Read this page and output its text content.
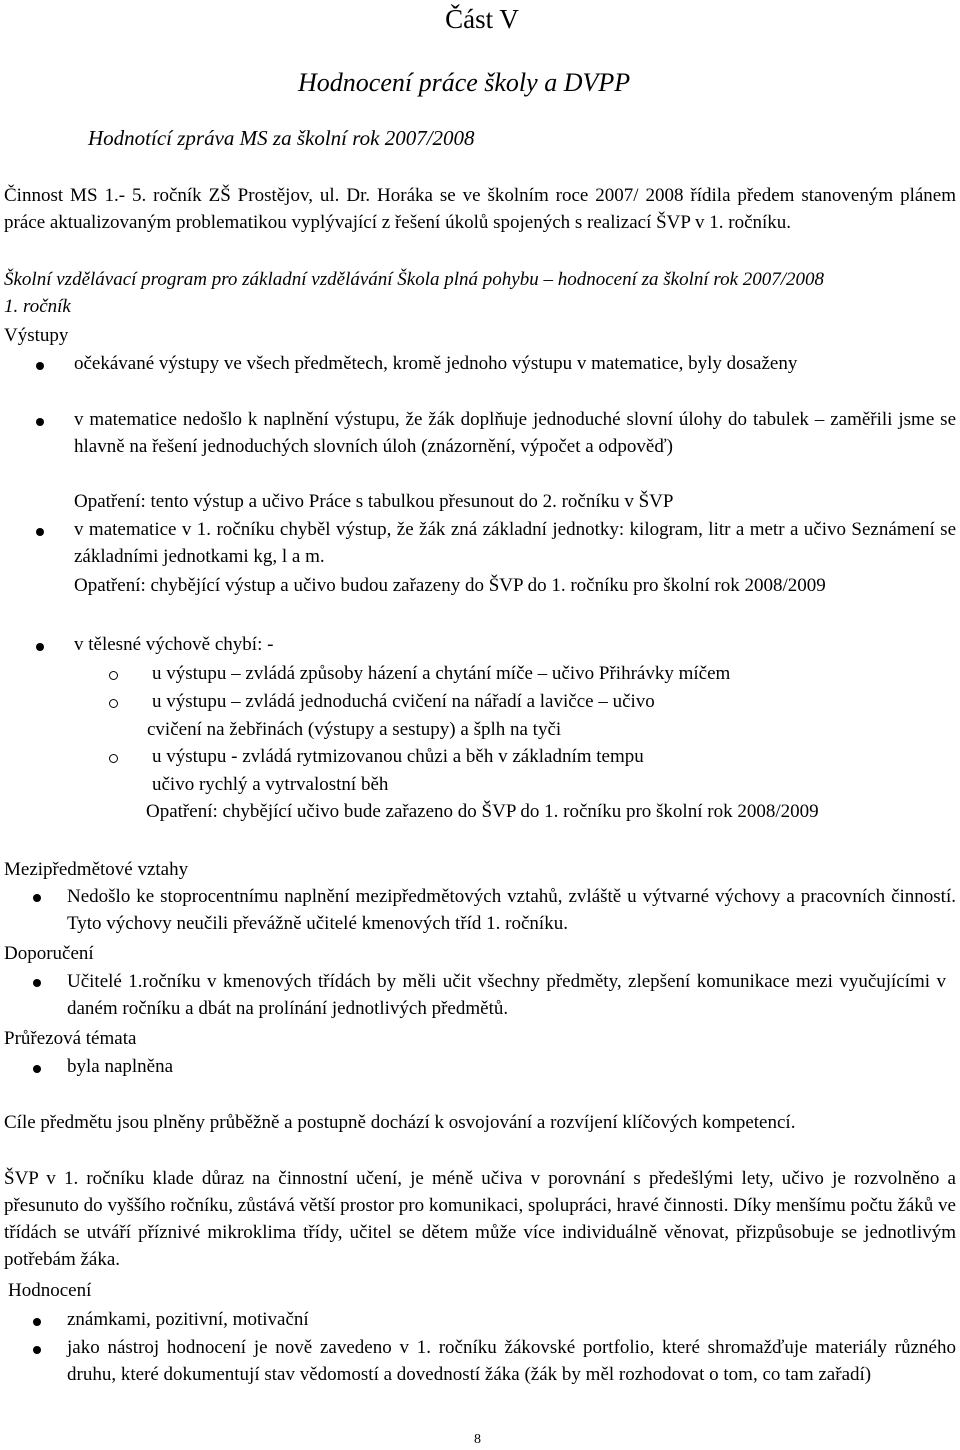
Část V
Hodnocení práce školy a DVPP
Hodnotící zpráva MS za školní rok 2007/2008
Činnost MS 1.- 5. ročník ZŠ Prostějov, ul. Dr. Horáka se ve školním roce 2007/ 2008 řídila předem stanoveným plánem práce aktualizovaným problematikou vyplývající z řešení úkolů spojených s realizací ŠVP v 1. ročníku.
Školní vzdělávací program pro základní vzdělávání Škola plná pohybu – hodnocení za školní rok 2007/2008 1. ročník
Výstupy
očekávané výstupy ve všech předmětech, kromě jednoho výstupu v matematice, byly dosaženy
v matematice nedošlo k naplnění výstupu, že žák doplňuje jednoduché slovní úlohy do tabulek – zaměřili jsme se hlavně na řešení jednoduchých slovních úloh (znázornění, výpočet a odpověď)
Opatření: tento výstup a učivo Práce s tabulkou přesunout do 2. ročníku v ŠVP
v matematice v 1. ročníku chyběl výstup, že žák zná základní jednotky: kilogram, litr a metr a učivo Seznámení se základními jednotkami kg, l a m.
Opatření: chybějící výstup a učivo budou zařazeny do ŠVP do 1. ročníku pro školní rok 2008/2009
v tělesné výchově chybí: -
u výstupu – zvládá způsoby házení a chytání míče – učivo Přihrávky míčem
u výstupu – zvládá jednoduchá cvičení na nářadí a lavičce – učivo
cvičení na žebřinách (výstupy a sestupy) a šplh na tyči
u výstupu - zvládá rytmizovanou chůzi a běh v základním tempu
učivo rychlý a vytrvalostní běh
Opatření: chybějící učivo bude zařazeno do ŠVP do 1. ročníku pro školní rok 2008/2009
Mezipředmětové vztahy
Nedošlo ke stoprocentnímu naplnění mezipředmětových vztahů, zvláště u výtvarné výchovy a pracovních činností. Tyto výchovy neučili převážně učitelé kmenových tříd 1. ročníku.
Doporučení
Učitelé 1.ročníku v kmenových třídách by měli učit všechny předměty, zlepšení komunikace mezi vyučujícími v daném ročníku a dbát na prolínání jednotlivých předmětů.
Průřezová témata
byla naplněna
Cíle předmětu jsou plněny průběžně a postupně dochází k osvojování a rozvíjení klíčových kompetencí.
ŠVP v 1. ročníku klade důraz na činnostní učení, je méně učiva v porovnání s předešlými lety, učivo je rozvolněno a přesunuto do vyššího ročníku, zůstává větší prostor pro komunikaci, spolupráci, hravé činnosti. Díky menšímu počtu žáků ve třídách se utváří příznivé mikroklima třídy, učitel se dětem může více individuálně věnovat, přizpůsobuje se jednotlivým potřebám žáka.
Hodnocení
známkami, pozitivní, motivační
jako nástroj hodnocení je nově zavedeno v 1. ročníku žákovské portfolio, které shromažďuje materiály různého druhu, které dokumentují stav vědomostí a dovedností žáka (žák by měl rozhodovat o tom, co tam zařadí)
8
